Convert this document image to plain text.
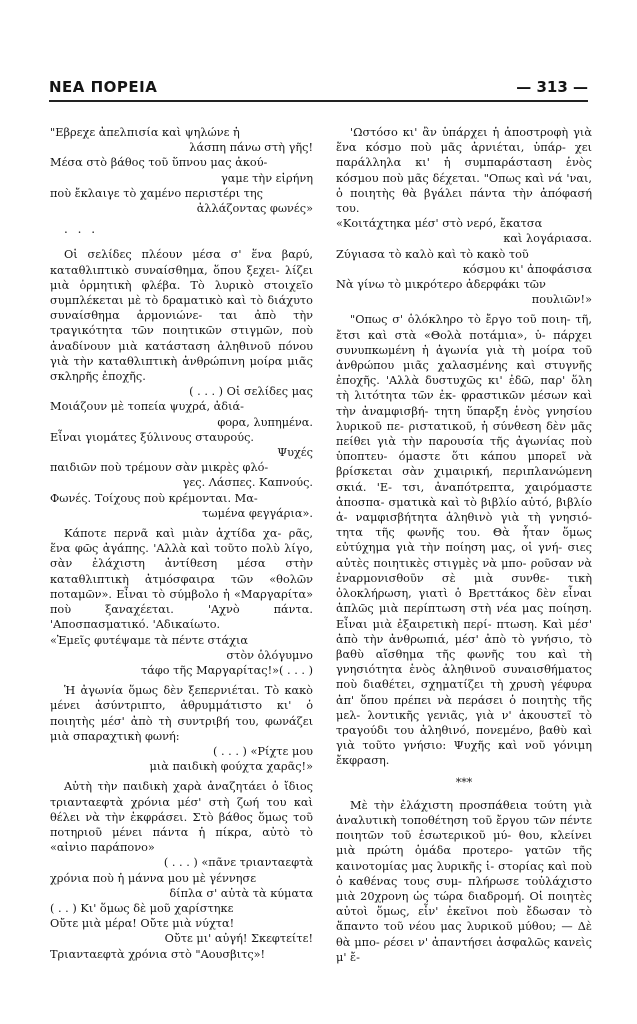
ΝΕΑ ΠΟΡΕΙΑ	— 313 —

"Εβρεχε ἀπελπισία καὶ ψηλώνε ἡ

λάσπη πάνω στὴ γῆς!

Μέσα στὸ βάθος τοῦ ὕπνου μας ἀκού-

γαμε τὴν εἰρήνη

ποὺ ἔκλαιγε τὸ χαμένο περιστέρι της

ἀλλάζοντας φωνές»

. . .

Οἱ σελίδες πλέουν μέσα σ' ἕνα βαρύ, καταθλιπτικὸ συναίσθημα, ὅπου ξεχει- λίζει μιὰ ὁρμητικὴ φλέβα. Τὸ λυρικὸ στοιχεῖο συμπλέκεται μὲ τὸ δραματικὸ καὶ τὸ διάχυτο συναίσθημα ἁρμονιώνε- ται ἀπὸ τὴν τραγικότητα τῶν ποιητικῶν στιγμῶν, ποὺ ἀναδίνουν μιὰ κατάσταση ἀληθινοῦ πόνου γιὰ τὴν καταθλιπτικὴ ἀνθρώπινη μοίρα μιᾶς σκληρῆς ἐποχῆς.

( . . . ) Οἱ σελίδες μας

Μοιάζουν μὲ τοπεία ψυχρά, ἀδιά-

φορα, λυπημένα.

Εἶναι γιομάτες ξύλινους σταυρούς.

Ψυχές

παιδιῶν ποὺ τρέμουν σὰν μικρὲς φλό-

γες. Λάσπες. Καπνούς.

Φωνές. Τοίχους ποὺ κρέμονται. Μα-

τωμένα φεγγάρια».

Κάποτε περνᾶ καὶ μιὰν ἀχτίδα χα- ρᾶς, ἕνα φῶς ἀγάπης. 'Αλλὰ καὶ τοῦτο πολὺ λίγο, σὰν ἐλάχιστη ἀντίθεση μέσα στὴν καταθλιπτικὴ ἀτμόσφαιρα τῶν «θολῶν ποταμῶν». Εἶναι τὸ σύμβολο ἡ «Μαργαρίτα» ποὺ ξαναχέεται. 'Αχνὸ πάντα. 'Αποσπασματικό. 'Αδικαίωτο.

«Ἐμεῖς φυτέψαμε τὰ πέντε στάχια

στὸν ὁλόγυμνο

τάφο τῆς Μαργαρίτας!»( . . . )

Ἡ ἀγωνία ὅμως δὲν ξεπερνιέται. Τὸ κακὸ μένει ἀσύντριπτο, ἀθρυμμάτιστο κι' ὁ ποιητὴς μέσ' ἀπὸ τὴ συντριβή του, φωνάζει μιὰ σπαραχτικὴ φωνή:

( . . . ) «Ρίχτε μου

μιὰ παιδικὴ φούχτα χαρᾶς!»

Αὐτὴ τὴν παιδικὴ χαρὰ ἀναζητάει ὁ ἴδιος τριανταεφτὰ χρόνια μέσ' στὴ ζωή του καὶ θέλει νὰ τὴν ἐκφράσει. Στὸ βάθος ὅμως τοῦ ποτηριοῦ μένει πάντα ἡ πίκρα, αὐτὸ τὸ «αἰνιο παράπονο»

( . . . ) «πᾶνε τριανταεφτὰ

χρόνια ποὺ ἡ μάννα μου μὲ γέννησε

δίπλα σ' αὐτὰ τὰ κύματα

( . . ) Κι' ὅμως δὲ μοῦ χαρίστηκε

Οὔτε μιὰ μέρα! Οὔτε μιὰ νύχτα!

Οὔτε μι' αὐγή! Σκεφτείτε!

Τριανταεφτὰ χρόνια στὸ "Αουσβιτς»!

'Ωστόσο κι' ἂν ὑπάρχει ἡ ἀποστροφὴ γιὰ ἕνα κόσμο ποὺ μᾶς ἀρνιέται, ὑπάρ- χει παράλληλα κι' ἡ συμπαράσταση ἑνὸς κόσμου ποὺ μᾶς δέχεται. "Οπως καὶ νά 'ναι, ὁ ποιητὴς θὰ βγάλει πάντα τὴν ἀπόφασή του.

«Κοιτάχτηκα μέσ' στὸ νερό, ἔκατσα

καὶ λογάριασα.

Ζύγιασα τὸ καλὸ καὶ τὸ κακὸ τοῦ

κόσμου κι' ἀποφάσισα

Νὰ γίνω τὸ μικρότερο ἀδερφάκι τῶν

πουλιῶν!»

"Οπως σ' ὁλόκληρο τὸ ἔργο τοῦ ποιη- τῆ, ἔτσι καὶ στὰ «Θολὰ ποτάμια», ὑ- πάρχει συνυπκωμένη ἡ ἀγωνία γιὰ τὴ μοίρα τοῦ ἀνθρώπου μιᾶς χαλασμένης καὶ στυγνῆς ἐποχῆς. 'Αλλὰ δυστυχῶς κι' ἐδῶ, παρ' ὅλη τὴ λιτότητα τῶν ἐκ- φραστικῶν μέσων καὶ τὴν ἀναμφισβή- τητη ὕπαρξη ἑνὸς γνησίου λυρικοῦ πε- ριστατικοῦ, ἡ σύνθεση δὲν μᾶς πείθει γιὰ τὴν παρουσία τῆς ἀγωνίας ποὺ ὑποπτευ- όμαστε ὅτι κάπου μπορεῖ νὰ βρίσκεται σὰν χιμαιρική, περιπλανώμενη σκιά. 'Ε- τσι, ἀναπότρεπτα, χαιρόμαστε ἀποσπα- σματικὰ καὶ τὸ βιβλίο αὐτό, βιβλίο ἀ- ναμφισβήτητα ἀληθινὸ γιὰ τὴ γνησιό- τητα τῆς φωνῆς του. Θὰ ἦταν ὅμως εὐτύχημα γιὰ τὴν ποίηση μας, οἱ γνή- σιες αὐτὲς ποιητικὲς στιγμὲς νὰ μπο- ροῦσαν νὰ ἐναρμονισθοῦν σὲ μιὰ συνθε- τικὴ ὁλοκλήρωση, γιατὶ ὁ Βρεττάκος δὲν εἶναι ἁπλῶς μιὰ περίπτωση στὴ νέα μας ποίηση. Εἶναι μιὰ ἐξαιρετικὴ περί- πτωση. Καὶ μέσ' ἀπὸ τὴν ἀνθρωπιά, μέσ' ἀπὸ τὸ γνήσιο, τὸ βαθὺ αἴσθημα τῆς φωνῆς του καὶ τὴ γνησιότητα ἑνὸς ἀληθινοῦ συναισθήματος ποὺ διαθέτει, σχηματίζει τὴ χρυσὴ γέφυρα ἀπ' ὅπου πρέπει νὰ περάσει ὁ ποιητὴς τῆς μελ- λοντικῆς γενιᾶς, γιὰ ν' ἀκουστεῖ τὸ τραγούδι του ἀληθινό, πονεμένο, βαθὺ καὶ γιὰ τοῦτο γνήσιο: Ψυχῆς καὶ νοῦ γόνιμη ἔκφραση.

***

Μὲ τὴν ἐλάχιστη προσπάθεια τούτη γιὰ ἀναλυτικὴ τοποθέτηση τοῦ ἔργου τῶν πέντε ποιητῶν τοῦ ἐσωτερικοῦ μύ- θου, κλείνει μιὰ πρώτη ὁμάδα προτερο- γατῶν τῆς καινοτομίας μας λυρικῆς ἱ- στορίας καὶ ποὺ ὁ καθένας τους συμ- πλήρωσε τοὐλάχιστο μιὰ 20χρονη ὡς τώρα διαδρομή. Οἱ ποιητὲς αὐτοὶ ὅμως, εἶν' ἐκεῖνοι ποὺ ἔδωσαν τὸ ἅπαντο τοῦ νέου μας λυρικοῦ μύθου; — Δὲ θὰ μπο- ρέσει ν' ἀπαντήσει ἀσφαλῶς κανεὶς μ' ἔ-
